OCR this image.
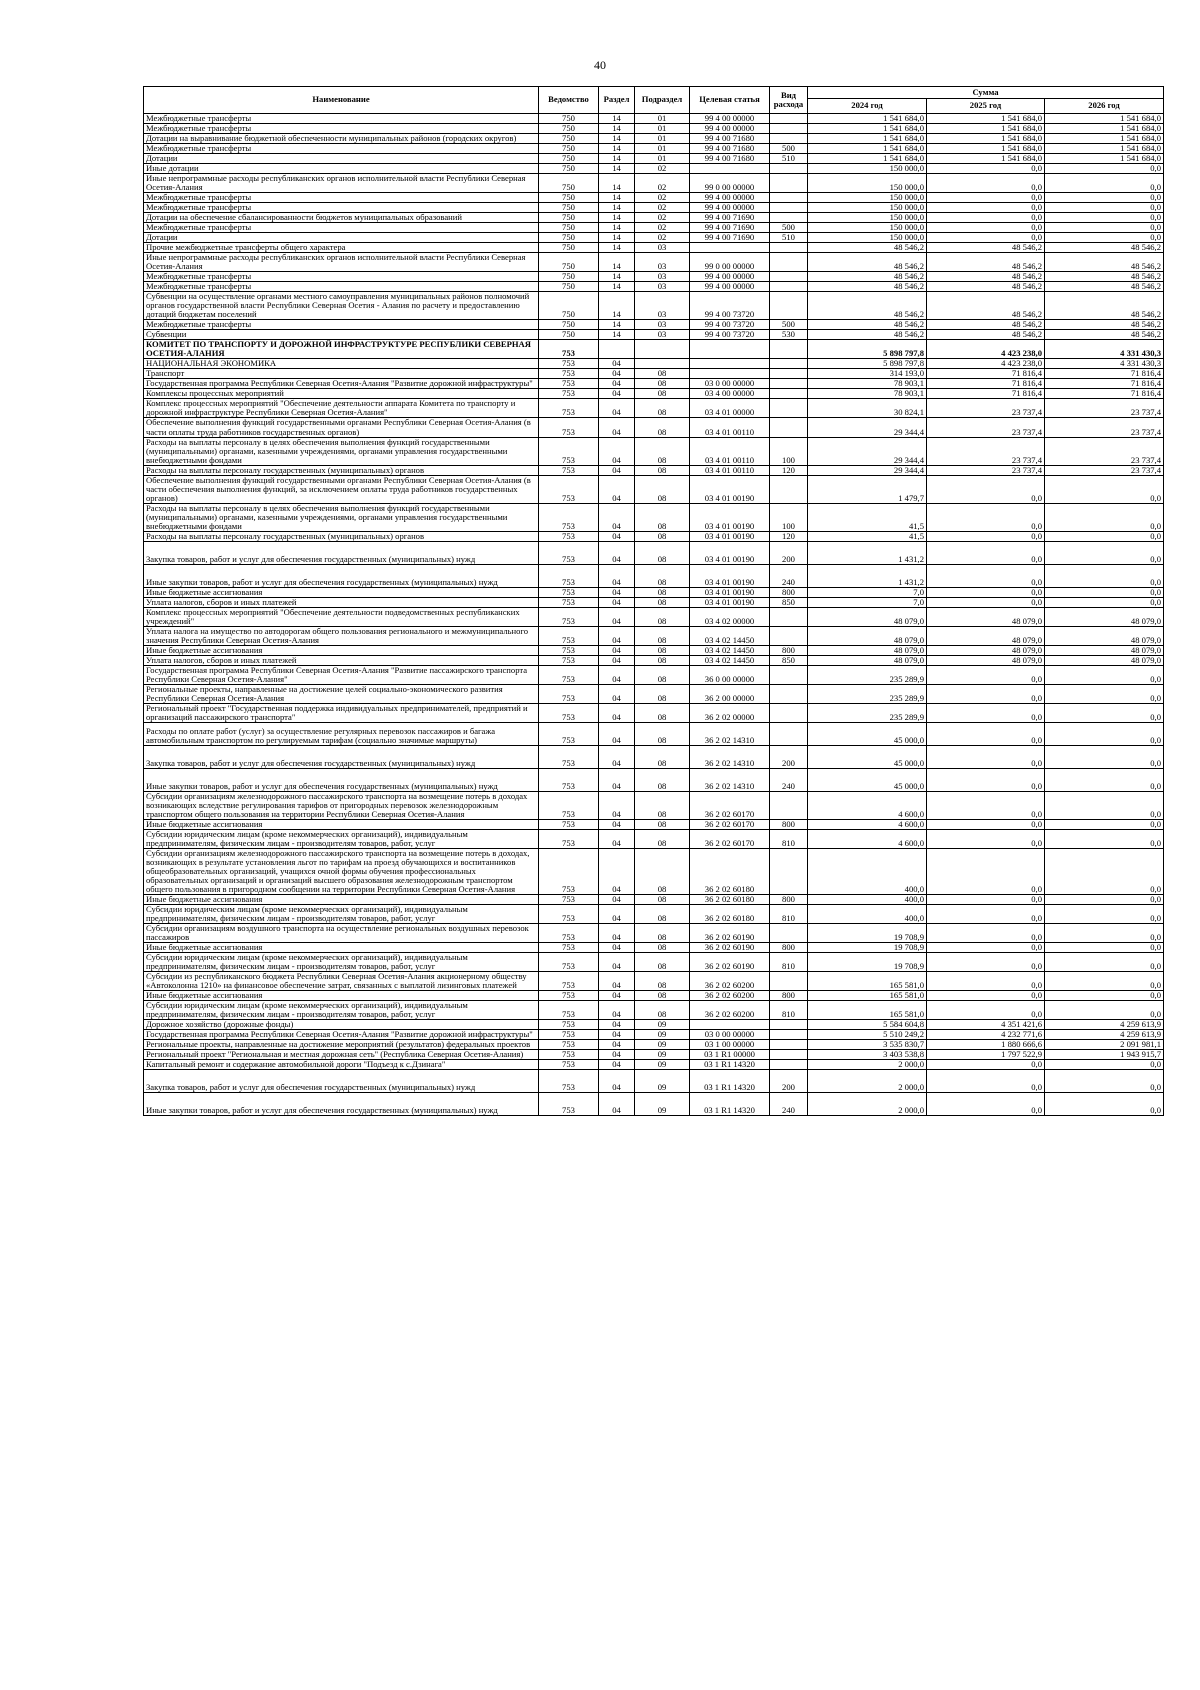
40
Наименование	Ведомство	Раздел	Подраздел	Целевая статья	Вид расхода	Сумма		
						2024 год	2025 год	2026 год
Межбюджетные трансферты	750	14	01	99 4 00 00000		1 541 684,0	1 541 684,0	1 541 684,0
Межбюджетные трансферты	750	14	01	99 4 00 00000		1 541 684,0	1 541 684,0	1 541 684,0
Дотации на выравнивание бюджетной обеспеченности муниципальных районов (городских округов)	750	14	01	99 4 00 71680		1 541 684,0	1 541 684,0	1 541 684,0
Межбюджетные трансферты	750	14	01	99 4 00 71680	500	1 541 684,0	1 541 684,0	1 541 684,0
Дотации	750	14	01	99 4 00 71680	510	1 541 684,0	1 541 684,0	1 541 684,0
Иные дотации	750	14	02			150 000,0	0,0	0,0
Иные непрограммные расходы республиканских органов исполнительной власти Республики Северная Осетия-Алания	750	14	02	99 0 00 00000		150 000,0	0,0	0,0
Межбюджетные трансферты	750	14	02	99 4 00 00000		150 000,0	0,0	0,0
Межбюджетные трансферты	750	14	02	99 4 00 00000		150 000,0	0,0	0,0
Дотации на обеспечение сбалансированности бюджетов муниципальных образований	750	14	02	99 4 00 71690		150 000,0	0,0	0,0
Межбюджетные трансферты	750	14	02	99 4 00 71690	500	150 000,0	0,0	0,0
Дотации	750	14	02	99 4 00 71690	510	150 000,0	0,0	0,0
Прочие межбюджетные трансферты общего характера	750	14	03			48 546,2	48 546,2	48 546,2
Иные непрограммные расходы республиканских органов исполнительной власти Республики Северная Осетия-Алания	750	14	03	99 0 00 00000		48 546,2	48 546,2	48 546,2
Межбюджетные трансферты	750	14	03	99 4 00 00000		48 546,2	48 546,2	48 546,2
Межбюджетные трансферты	750	14	03	99 4 00 00000		48 546,2	48 546,2	48 546,2
Субвенции на осуществление органами местного самоуправления муниципальных районов полномочий органов государственной власти Республики Северная Осетия - Алания по расчету и предоставлению дотаций бюджетам поселений	750	14	03	99 4 00 73720		48 546,2	48 546,2	48 546,2
Межбюджетные трансферты	750	14	03	99 4 00 73720	500	48 546,2	48 546,2	48 546,2
Субвенции	750	14	03	99 4 00 73720	530	48 546,2	48 546,2	48 546,2
КОМИТЕТ ПО ТРАНСПОРТУ И ДОРОЖНОЙ ИНФРАСТРУКТУРЕ РЕСПУБЛИКИ СЕВЕРНАЯ ОСЕТИЯ-АЛАНИЯ	753					5 898 797,8	4 423 238,0	4 331 430,3
НАЦИОНАЛЬНАЯ ЭКОНОМИКА	753	04				5 898 797,8	4 423 238,0	4 331 430,3
Транспорт	753	04	08			314 193,0	71 816,4	71 816,4
Государственная программа Республики Северная Осетия-Алания "Развитие дорожной инфраструктуры"	753	04	08	03 0 00 00000		78 903,1	71 816,4	71 816,4
Комплексы процессных мероприятий	753	04	08	03 4 00 00000		78 903,1	71 816,4	71 816,4
Комплекс процессных мероприятий "Обеспечение деятельности аппарата Комитета по транспорту и дорожной инфраструктуре Республики Северная Осетия-Алания"	753	04	08	03 4 01 00000		30 824,1	23 737,4	23 737,4
Обеспечение выполнения функций государственными органами Республики Северная Осетия-Алания (в части оплаты труда работников государственных органов)	753	04	08	03 4 01 00110		29 344,4	23 737,4	23 737,4
Расходы на выплаты персоналу в целях обеспечения выполнения функций государственными (муниципальными) органами, казенными учреждениями, органами управления государственными внебюджетными фондами	753	04	08	03 4 01 00110	100	29 344,4	23 737,4	23 737,4
Расходы на выплаты персоналу государственных (муниципальных) органов	753	04	08	03 4 01 00110	120	29 344,4	23 737,4	23 737,4
Обеспечение выполнения функций государственными органами Республики Северная Осетия-Алания (в части обеспечения выполнения функций, за исключением оплаты труда работников государственных органов)	753	04	08	03 4 01 00190		1 479,7	0,0	0,0
Расходы на выплаты персоналу в целях обеспечения выполнения функций государственными (муниципальными) органами, казенными учреждениями, органами управления государственными внебюджетными фондами	753	04	08	03 4 01 00190	100	41,5	0,0	0,0
Расходы на выплаты персоналу государственных (муниципальных) органов	753	04	08	03 4 01 00190	120	41,5	0,0	0,0
Закупка товаров, работ и услуг для обеспечения государственных (муниципальных) нужд	753	04	08	03 4 01 00190	200	1 431,2	0,0	0,0
Иные закупки товаров, работ и услуг для обеспечения государственных (муниципальных) нужд	753	04	08	03 4 01 00190	240	1 431,2	0,0	0,0
Иные бюджетные ассигнования	753	04	08	03 4 01 00190	800	7,0	0,0	0,0
Уплата налогов, сборов и иных платежей	753	04	08	03 4 01 00190	850	7,0	0,0	0,0
Комплекс процессных мероприятий "Обеспечение деятельности подведомственных республиканских учреждений"	753	04	08	03 4 02 00000		48 079,0	48 079,0	48 079,0
Уплата налога на имущество по автодорогам общего пользования регионального и межмуниципального значения Республики Северная Осетия-Алания	753	04	08	03 4 02 14450		48 079,0	48 079,0	48 079,0
Иные бюджетные ассигнования	753	04	08	03 4 02 14450	800	48 079,0	48 079,0	48 079,0
Уплата налогов, сборов и иных платежей	753	04	08	03 4 02 14450	850	48 079,0	48 079,0	48 079,0
Государственная программа Республики Северная Осетия-Алания "Развитие пассажирского транспорта Республики Северная Осетия-Алания"	753	04	08	36 0 00 00000		235 289,9	0,0	0,0
Региональные проекты, направленные на достижение целей социально-экономического развития Республики Северная Осетия-Алания	753	04	08	36 2 00 00000		235 289,9	0,0	0,0
Региональный проект "Государственная поддержка индивидуальных предпринимателей, предприятий и организаций пассажирского транспорта"	753	04	08	36 2 02 00000		235 289,9	0,0	0,0
Расходы по оплате работ (услуг) за осуществление регулярных перевозок пассажиров и багажа автомобильным транспортом по регулируемым тарифам (социально значимые маршруты)	753	04	08	36 2 02 14310		45 000,0	0,0	0,0
Закупка товаров, работ и услуг для обеспечения государственных (муниципальных) нужд	753	04	08	36 2 02 14310	200	45 000,0	0,0	0,0
Иные закупки товаров, работ и услуг для обеспечения государственных (муниципальных) нужд	753	04	08	36 2 02 14310	240	45 000,0	0,0	0,0
Субсидии организациям железнодорожного пассажирского транспорта на возмещение потерь в доходах возникающих вследствие регулирования тарифов от пригородных перевозок железнодорожным транспортом общего пользования на территории Республики Северная Осетия-Алания	753	04	08	36 2 02 60170		4 600,0	0,0	0,0
Иные бюджетные ассигнования	753	04	08	36 2 02 60170	800	4 600,0	0,0	0,0
Субсидии юридическим лицам (кроме некоммерческих организаций), индивидуальным предпринимателям, физическим лицам - производителям товаров, работ, услуг	753	04	08	36 2 02 60170	810	4 600,0	0,0	0,0
Субсидии организациям железнодорожного пассажирского транспорта на возмещение потерь в доходах, возникающих в результате установления льгот по тарифам на проезд обучающихся и воспитанников общеобразовательных организаций, учащихся очной формы обучения профессиональных образовательных организаций и организаций высшего образования железнодорожным транспортом общего пользования в пригородном сообщении на территории Республики Северная Осетия-Алания	753	04	08	36 2 02 60180		400,0	0,0	0,0
Иные бюджетные ассигнования	753	04	08	36 2 02 60180	800	400,0	0,0	0,0
Субсидии юридическим лицам (кроме некоммерческих организаций), индивидуальным предпринимателям, физическим лицам - производителям товаров, работ, услуг	753	04	08	36 2 02 60180	810	400,0	0,0	0,0
Субсидии организациям воздушного транспорта на осуществление региональных воздушных перевозок пассажиров	753	04	08	36 2 02 60190		19 708,9	0,0	0,0
Иные бюджетные ассигнования	753	04	08	36 2 02 60190	800	19 708,9	0,0	0,0
Субсидии юридическим лицам (кроме некоммерческих организаций), индивидуальным предпринимателям, физическим лицам - производителям товаров, работ, услуг	753	04	08	36 2 02 60190	810	19 708,9	0,0	0,0
Субсидии из республиканского бюджета Республики Северная Осетия-Алания акционерному обществу «Автоколонна 1210» на финансовое обеспечение затрат, связанных с выплатой лизинговых платежей	753	04	08	36 2 02 60200		165 581,0	0,0	0,0
Иные бюджетные ассигнования	753	04	08	36 2 02 60200	800	165 581,0	0,0	0,0
Субсидии юридическим лицам (кроме некоммерческих организаций), индивидуальным предпринимателям, физическим лицам - производителям товаров, работ, услуг	753	04	08	36 2 02 60200	810	165 581,0	0,0	0,0
Дорожное хозяйство (дорожные фонды)	753	04	09			5 584 604,8	4 351 421,6	4 259 613,9
Государственная программа Республики Северная Осетия-Алания "Развитие дорожной инфраструктуры"	753	04	09	03 0 00 00000		5 510 249,2	4 232 771,6	4 259 613,9
Региональные проекты, направленные на достижение мероприятий (результатов) федеральных проектов	753	04	09	03 1 00 00000		3 535 830,7	1 880 666,6	2 091 981,1
Региональный проект "Региональная и местная дорожная сеть" (Республика Северная Осетия-Алания)	753	04	09	03 1 R1 00000		3 403 538,8	1 797 522,9	1 943 915,7
Капитальный ремонт и содержание автомобильной дороги "Подъезд к с.Дзинага"	753	04	09	03 1 R1 14320		2 000,0	0,0	0,0
Закупка товаров, работ и услуг для обеспечения государственных (муниципальных) нужд	753	04	09	03 1 R1 14320	200	2 000,0	0,0	0,0
Иные закупки товаров, работ и услуг для обеспечения государственных (муниципальных) нужд	753	04	09	03 1 R1 14320	240	2 000,0	0,0	0,0
